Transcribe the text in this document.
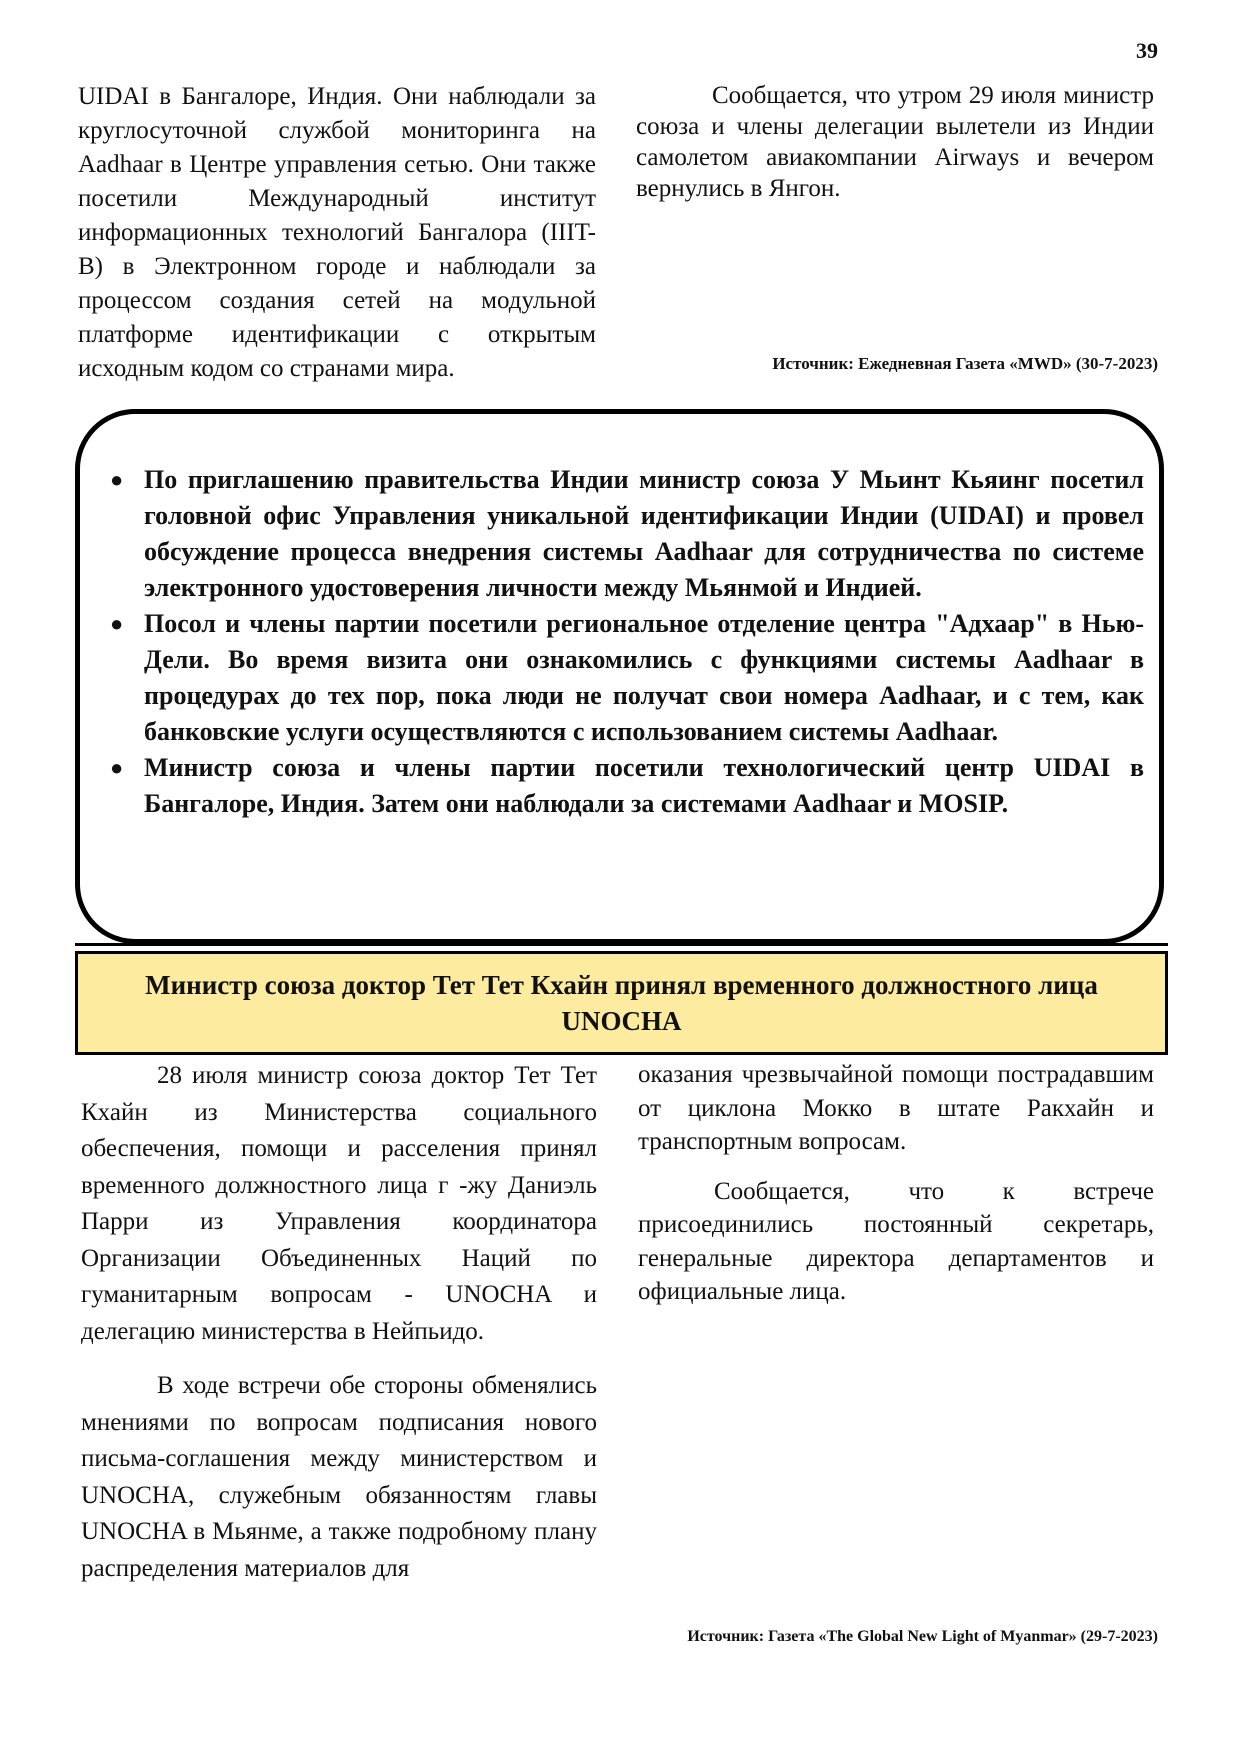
39

UIDAI в Бангалоре, Индия. Они наблюдали за круглосуточной службой мониторинга на Aadhaar в Центре управления сетью. Они также посетили Международный институт информационных технологий Бангалора (IIIT-B) в Электронном городе и наблюдали за процессом создания сетей на модульной платформе идентификации с открытым исходным кодом со странами мира.

Сообщается, что утром 29 июля министр союза и члены делегации вылетели из Индии самолетом авиакомпании Airways и вечером вернулись в Янгон.

Источник: Ежедневная Газета «MWD» (30-7-2023)
● По приглашению правительства Индии министр союза У Мьинт Кьяинг посетил головной офис Управления уникальной идентификации Индии (UIDAI) и провел обсуждение процесса внедрения системы Aadhaar для сотрудничества по системе электронного удостоверения личности между Мьянмой и Индией.
● Посол и члены партии посетили региональное отделение центра "Адхаар" в Нью-Дели. Во время визита они ознакомились с функциями системы Aadhaar в процедурах до тех пор, пока люди не получат свои номера Aadhaar, и с тем, как банковские услуги осуществляются с использованием системы Aadhaar.
● Министр союза и члены партии посетили технологический центр UIDAI в Бангалоре, Индия. Затем они наблюдали за системами Aadhaar и MOSIP.
Министр союза доктор Тет Тет Кхайн принял временного должностного лица UNOCHA

28 июля министр союза доктор Тет Тет Кхайн из Министерства социального обеспечения, помощи и расселения принял временного должностного лица г -жу Даниэль Парри из Управления координатора Организации Объединенных Наций по гуманитарным вопросам - UNOCHA и делегацию министерства в Нейпьидо.

В ходе встречи обе стороны обменялись мнениями по вопросам подписания нового письма-соглашения между министерством и UNOCHA, служебным обязанностям главы UNOCHA в Мьянме, а также подробному плану распределения материалов для

оказания чрезвычайной помощи пострадавшим от циклона Мокко в штате Ракхайн и транспортным вопросам.

Сообщается, что к встрече присоединились постоянный секретарь, генеральные директора департаментов и официальные лица.

Источник: Газета «The Global New Light of Myanmar» (29-7-2023)
